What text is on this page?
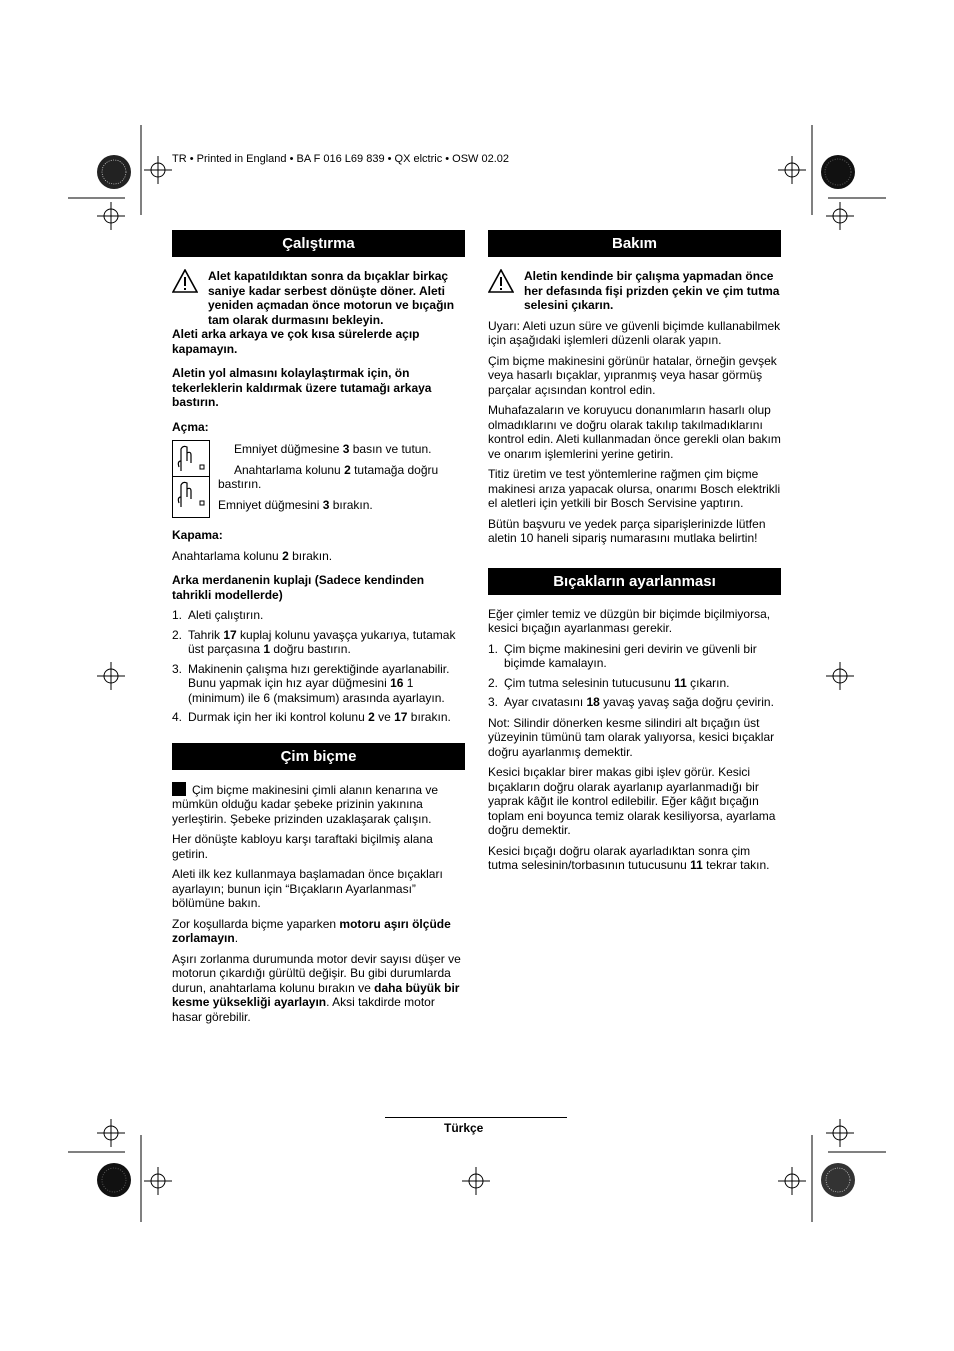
TR • Printed in England • BA F 016 L69 839 • QX elctric • OSW 02.02
Çalıştırma

Alet kapatıldıktan sonra da bıçaklar birkaç saniye kadar serbest dönüşte döner. Aleti yeniden açmadan önce motorun ve bıçağın tam olarak durmasını bekleyin.

Aleti arka arkaya ve çok kısa sürelerde açıp kapamayın.

Aletin yol almasını kolaylaştırmak için, ön tekerleklerin kaldırmak üzere tutamağı arkaya bastırın.

Açma:

Emniyet düğmesine 3 basın ve tutun.

Anahtarlama kolunu 2 tutamağa doğru bastırın.

Emniyet düğmesini 3 bırakın.

Kapama:

Anahtarlama kolunu 2 bırakın.

Arka merdanenin kuplajı (Sadece kendinden tahrikli modellerde)

1. Aleti çalıştırın.
2. Tahrik 17 kuplaj kolunu yavaşça yukarıya, tutamak üst parçasına 1 doğru bastırın.
3. Makinenin çalışma hızı gerektiğinde ayarlanabilir. Bunu yapmak için hız ayar düğmesini 16 1 (minimum) ile 6 (maksimum) arasında ayarlayın.
4. Durmak için her iki kontrol kolunu 2 ve 17 bırakın.
Çim biçme

Çim biçme makinesini çimli alanın kenarına ve mümkün olduğu kadar şebeke prizinin yakınına yerleştirin. Şebeke prizinden uzaklaşarak çalışın.

Her dönüşte kabloyu karşı taraftaki biçilmiş alana getirin.

Aleti ilk kez kullanmaya başlamadan önce bıçakları ayarlayın; bunun için “Bıçakların Ayarlanması” bölümüne bakın.

Zor koşullarda biçme yaparken motoru aşırı ölçüde zorlamayın.

Aşırı zorlanma durumunda motor devir sayısı düşer ve motorun çıkardığı gürültü değişir. Bu gibi durumlarda durun, anahtarlama kolunu bırakın ve daha büyük bir kesme yüksekliği ayarlayın. Aksi takdirde motor hasar görebilir.

Bakım

Aletin kendinde bir çalışma yapmadan önce her defasında fişi prizden çekin ve çim tutma selesini çıkarın.

Uyarı: Aleti uzun süre ve güvenli biçimde kullanabilmek için aşağıdaki işlemleri düzenli olarak yapın.

Çim biçme makinesini görünür hatalar, örneğin gevşek veya hasarlı bıçaklar, yıpranmış veya hasar görmüş parçalar açısından kontrol edin.

Muhafazaların ve koruyucu donanımların hasarlı olup olmadıklarını ve doğru olarak takılıp takılmadıklarını kontrol edin. Aleti kullanmadan önce gerekli olan bakım ve onarım işlemlerini yerine getirin.

Titiz üretim ve test yöntemlerine rağmen çim biçme makinesi arıza yapacak olursa, onarımı Bosch elektrikli el aletleri için yetkili bir Bosch Servisine yaptırın.

Bütün başvuru ve yedek parça siparişlerinizde lütfen aletin 10 haneli sipariş numarasını mutlaka belirtin!

Bıçakların ayarlanması

Eğer çimler temiz ve düzgün bir biçimde biçilmiyorsa, kesici bıçağın ayarlanması gerekir.

1. Çim biçme makinesini geri devirin ve güvenli bir biçimde kamalayın.
2. Çim tutma selesinin tutucusunu 11 çıkarın.
3. Ayar cıvatasını 18 yavaş yavaş sağa doğru çevirin.

Not: Silindir dönerken kesme silindiri alt bıçağın üst yüzeyinin tümünü tam olarak yalıyorsa, kesici bıçaklar doğru ayarlanmış demektir.

Kesici bıçaklar birer makas gibi işlev görür. Kesici bıçakların doğru olarak ayarlanıp ayarlanmadığı bir yaprak kâğıt ile kontrol edilebilir. Eğer kâğıt bıçağın toplam eni boyunca temiz olarak kesiliyorsa, ayarlama doğru demektir.

Kesici bıçağı doğru olarak ayarladıktan sonra çim tutma selesinin/torbasının tutucusunu 11 tekrar takın.

Türkçe
